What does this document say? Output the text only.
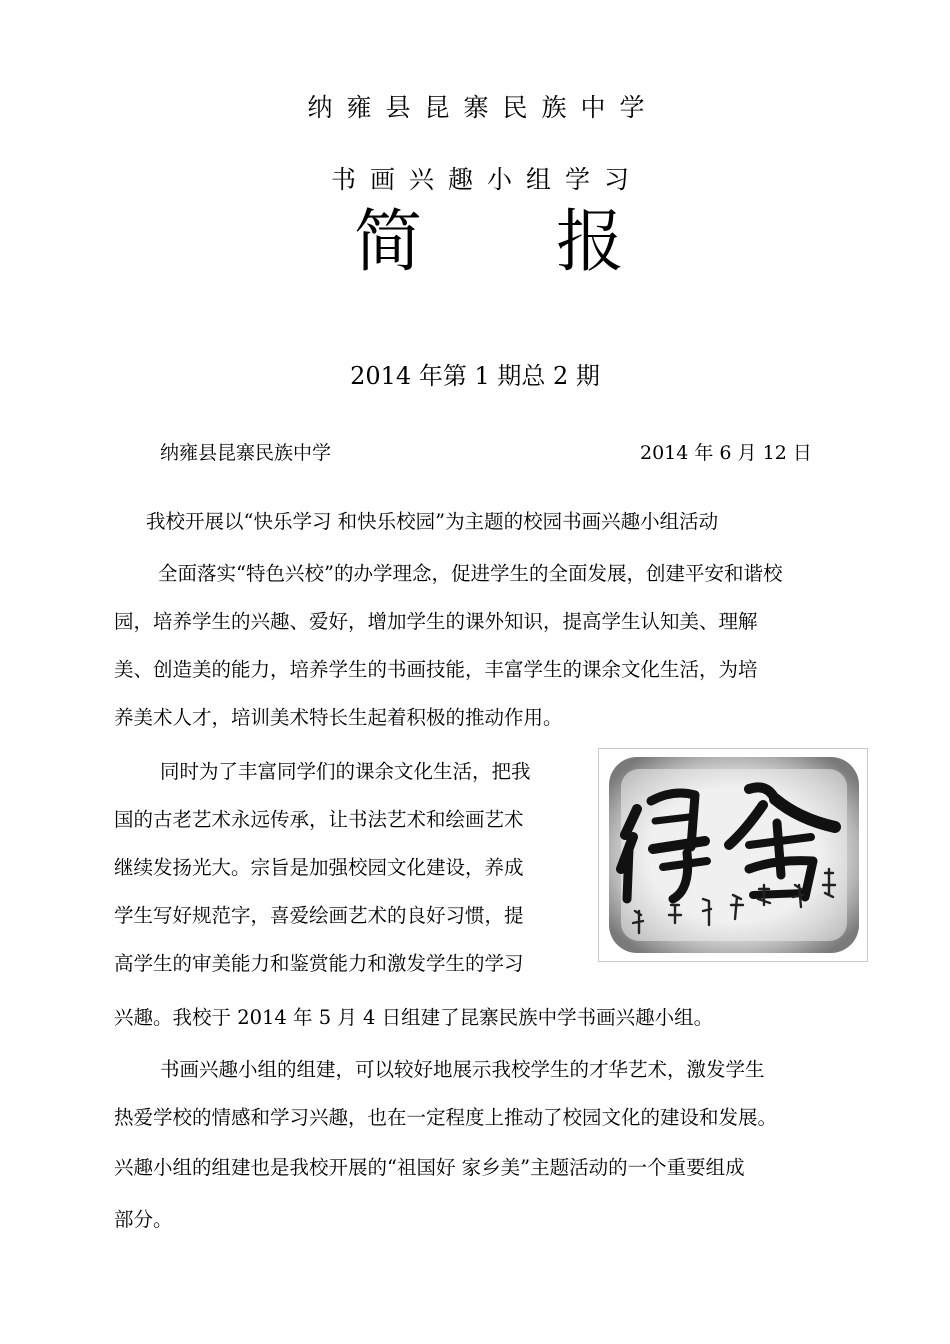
纳雍县昆寨民族中学
书画兴趣小组学习
简 报
2014 年第 1 期总 2 期
纳雍县昆寨民族中学	2014 年 6 月 12 日
我校开展以“快乐学习 和快乐校园”为主题的校园书画兴趣小组活动
全面落实“特色兴校”的办学理念，促进学生的全面发展，创建平安和谐校
园，培养学生的兴趣、爱好，增加学生的课外知识，提高学生认知美、理解
美、创造美的能力，培养学生的书画技能，丰富学生的课余文化生活，为培
养美术人才，培训美术特长生起着积极的推动作用。
同时为了丰富同学们的课余文化生活，把我
国的古老艺术永远传承，让书法艺术和绘画艺术
继续发扬光大。宗旨是加强校园文化建设，养成
学生写好规范字，喜爱绘画艺术的良好习惯，提
高学生的审美能力和鉴赏能力和激发学生的学习
兴趣。我校于 2014 年 5 月 4 日组建了昆寨民族中学书画兴趣小组。
书画兴趣小组的组建，可以较好地展示我校学生的才华艺术，激发学生
热爱学校的情感和学习兴趣，也在一定程度上推动了校园文化的建设和发展。
兴趣小组的组建也是我校开展的“祖国好 家乡美”主题活动的一个重要组成
部分。
